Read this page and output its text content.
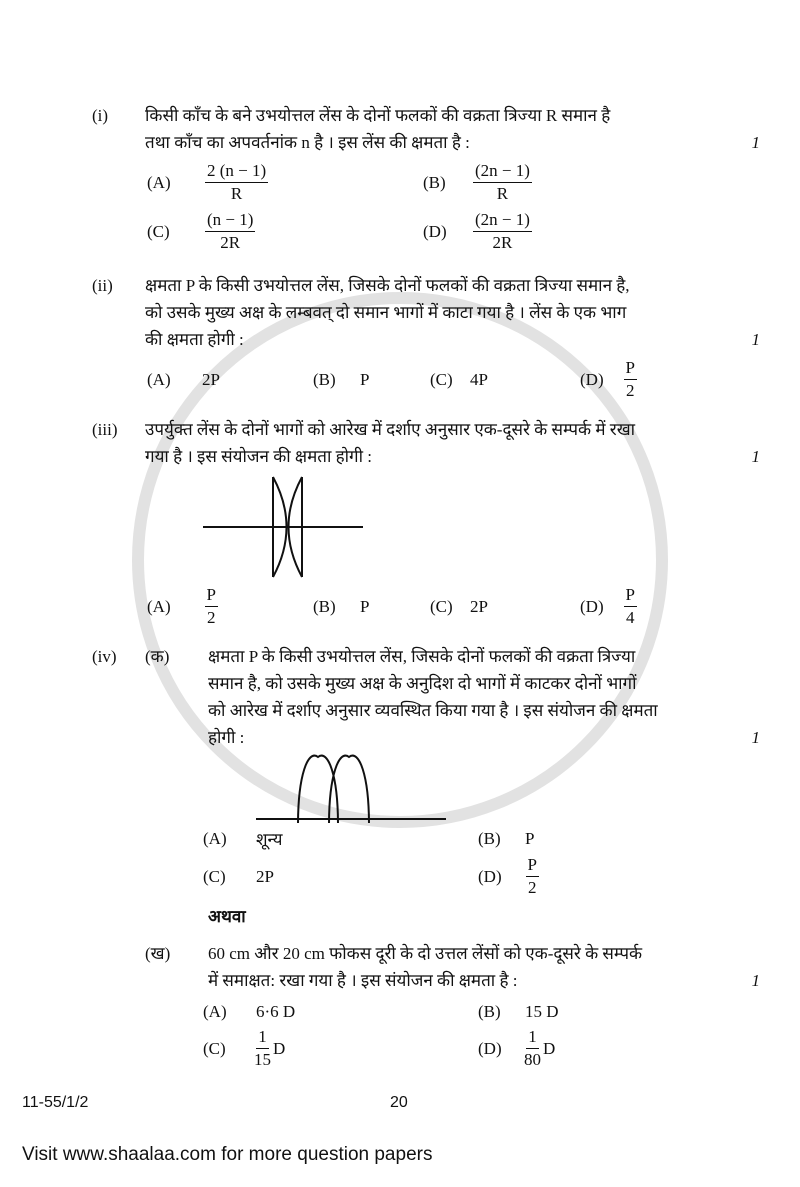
(i)	किसी काँच के बने उभयोत्तल लेंस के दोनों फलकों की वक्रता त्रिज्या R समान है
तथा काँच का अपवर्तनांक n है । इस लेंस की क्षमता है :	1
(A)	$\frac{2 (n - 1)}{R}$	(B)	$\frac{(2n - 1)}{R}$
(C)	$\frac{(n - 1)}{2R}$	(D)	$\frac{(2n - 1)}{2R}$
(ii)	क्षमता P के किसी उभयोत्तल लेंस, जिसके दोनों फलकों की वक्रता त्रिज्या समान है,
को उसके मुख्य अक्ष के लम्बवत् दो समान भागों में काटा गया है । लेंस के एक भाग
की क्षमता होगी :	1
(A)	2P	(B)	P	(C)	4P	(D)	$\frac{P}{2}$
(iii)	उपर्युक्त लेंस के दोनों भागों को आरेख में दर्शाए अनुसार एक-दूसरे के सम्पर्क में रखा
गया है । इस संयोजन की क्षमता होगी :	1
(A)	$\frac{P}{2}$	(B)	P	(C)	2P	(D)	$\frac{P}{4}$
(iv)	(क)	क्षमता P के किसी उभयोत्तल लेंस, जिसके दोनों फलकों की वक्रता त्रिज्या
समान है, को उसके मुख्य अक्ष के अनुदिश दो भागों में काटकर दोनों भागों
को आरेख में दर्शाए अनुसार व्यवस्थित किया गया है । इस संयोजन की क्षमता
होगी :	1
(A)	शून्य	(B)	P
(C)	2P	(D)	$\frac{P}{2}$
अथवा
(ख)	60 cm और 20 cm फोकस दूरी के दो उत्तल लेंसों को एक-दूसरे के सम्पर्क
में समाक्षत: रखा गया है । इस संयोजन की क्षमता है :	1
(A)	6·6 D	(B)	15 D
(C)	$\frac{1}{15}$ D	(D)	$\frac{1}{80}$ D
11-55/1/2	20
Visit www.shaalaa.com for more question papers
